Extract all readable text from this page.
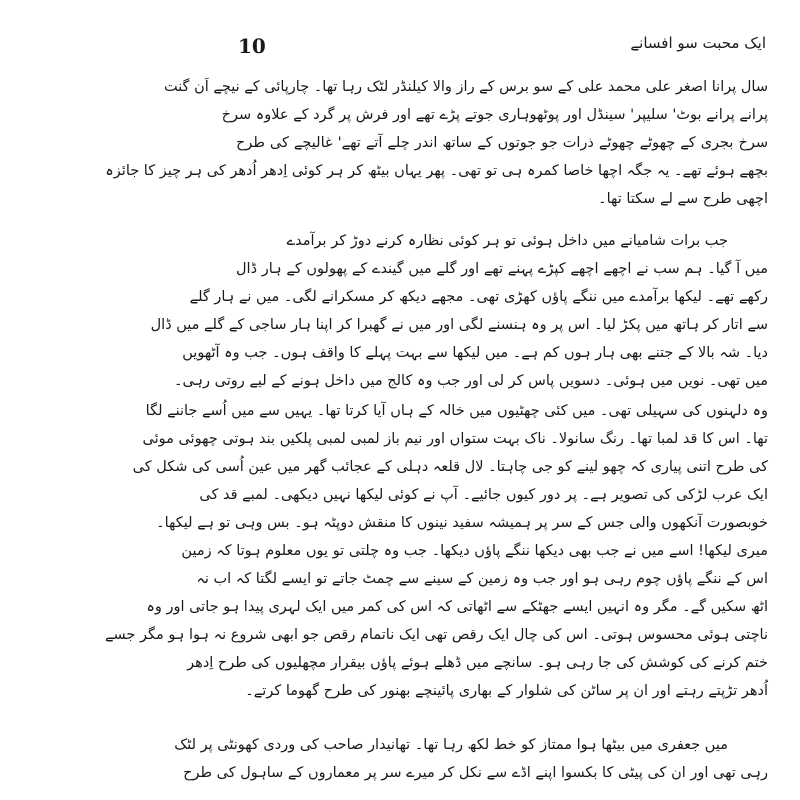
10	ایک محبت سو افسانے
سال پرانا اصغر علی محمد علی کے سو برس کے راز والا کیلنڈر لٹک رہا تھا۔ چارپائی کے نیچے اَن گنت
پرانے پرانے بوٹ' سلیپر' سینڈل اور پوٹھوہاری جوتے پڑے تھے اور فرش پر گرد کے علاوہ سرخ
سرخ بجری کے چھوٹے چھوٹے ذرات جو جوتوں کے ساتھ اندر چلے آتے تھے' غالیچے کی طرح
بچھے ہوئے تھے۔ یہ جگہ اچھا خاصا کمرہ ہی تو تھی۔ پھر یہاں بیٹھ کر ہر کوئی اِدھر اُدھر کی ہر چیز کا جائزہ
اچھی طرح سے لے سکتا تھا۔
جب برات شامیانے میں داخل ہوئی تو ہر کوئی نظارہ کرنے دوڑ کر برآمدے
میں آ گیا۔ ہم سب نے اچھے اچھے کپڑے پہنے تھے اور گلے میں گیندے کے پھولوں کے ہار ڈال
رکھے تھے۔ لیکھا برآمدے میں ننگے پاؤں کھڑی تھی۔ مجھے دیکھ کر مسکرانے لگی۔ میں نے ہار گلے
سے اتار کر ہاتھ میں پکڑ لیا۔ اس پر وہ ہنسنے لگی اور میں نے گھبرا کر اپنا ہار ساجی کے گلے میں ڈال
دیا۔ شہ بالا کے جتنے بھی ہار ہوں کم ہے۔ میں لیکھا سے بہت پہلے کا واقف ہوں۔ جب وہ آٹھویں
میں تھی۔ نویں میں ہوئی۔ دسویں پاس کر لی اور جب وہ کالج میں داخل ہونے کے لیے روتی رہی۔
وہ دلہنوں کی سہیلی تھی۔ میں کئی چھٹیوں میں خالہ کے ہاں آیا کرتا تھا۔ یہیں سے میں اُسے جاننے لگا
تھا۔ اس کا قد لمبا تھا۔ رنگ سانولا۔ ناک بہت ستواں اور نیم باز لمبی لمبی پلکیں بند ہوتی چھوئی موئی
کی طرح اتنی پیاری کہ چھو لینے کو جی چاہتا۔ لال قلعہ دہلی کے عجائب گھر میں عین اُسی کی شکل کی
ایک عرب لڑکی کی تصویر ہے۔ پر دور کیوں جائیے۔ آپ نے کوئی لیکھا نہیں دیکھی۔ لمبے قد کی
خوبصورت آنکھوں والی جس کے سر پر ہمیشہ سفید نینوں کا منقش دوپٹہ ہو۔ بس وہی تو ہے لیکھا۔
میری لیکھا! اسے میں نے جب بھی دیکھا ننگے پاؤں دیکھا۔ جب وہ چلتی تو یوں معلوم ہوتا کہ زمین
اس کے ننگے پاؤں چوم رہی ہو اور جب وہ زمین کے سینے سے چمٹ جاتے تو ایسے لگتا کہ اب نہ
اٹھ سکیں گے۔ مگر وہ انہیں ایسے جھٹکے سے اٹھاتی کہ اس کی کمر میں ایک لہری پیدا ہو جاتی اور وہ
ناچتی ہوئی محسوس ہوتی۔ اس کی چال ایک رقص تھی ایک ناتمام رقص جو ابھی شروع نہ ہوا ہو مگر جسے
ختم کرنے کی کوشش کی جا رہی ہو۔ سانچے میں ڈھلے ہوئے پاؤں بیقرار مچھلیوں کی طرح اِدھر
اُدھر تڑپتے رہتے اور ان پر ساٹن کی شلوار کے بھاری پائینچے بھنور کی طرح گھوما کرتے۔
میں جعفری میں بیٹھا ہوا ممتاز کو خط لکھ رہا تھا۔ تھانیدار صاحب کی وردی کھونٹی پر لٹک
رہی تھی اور ان کی پیٹی کا بکسوا اپنے اڈے سے نکل کر میرے سر پر معماروں کے ساہول کی طرح
